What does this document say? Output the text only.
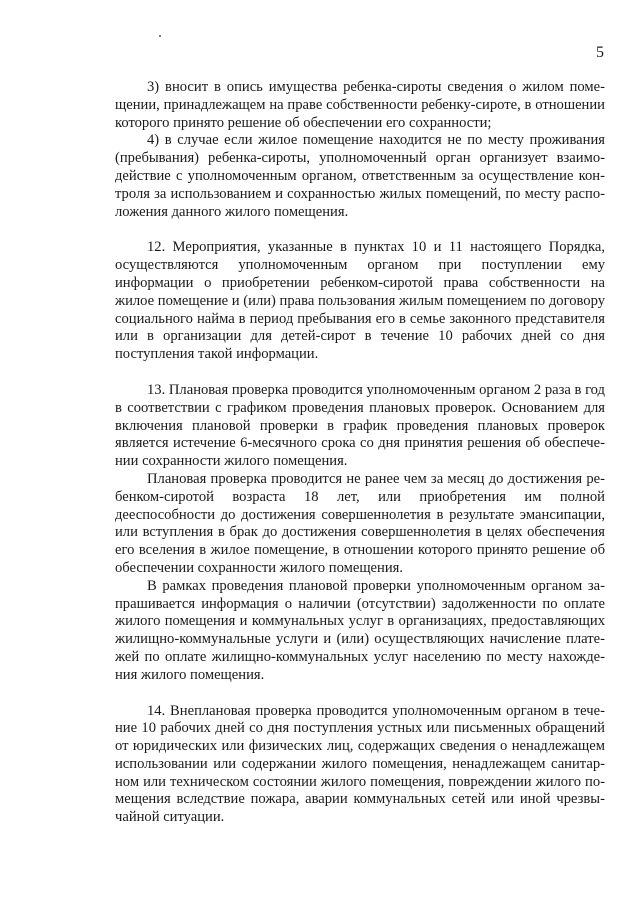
5

3) вносит в опись имущества ребенка-сироты сведения о жилом помещении, принадлежащем на праве собственности ребенку-сироте, в отношении которого принято решение об обеспечении его сохранности;

4) в случае если жилое помещение находится не по месту проживания (пребывания) ребенка-сироты, уполномоченный орган организует взаимодействие с уполномоченным органом, ответственным за осуществление контроля за использованием и сохранностью жилых помещений, по месту расположения данного жилого помещения.

12. Мероприятия, указанные в пунктах 10 и 11 настоящего Порядка, осуществляются уполномоченным органом при поступлении ему информации о приобретении ребенком-сиротой права собственности на жилое помещение и (или) права пользования жилым помещением по договору социального найма в период пребывания его в семье законного представителя или в организации для детей-сирот в течение 10 рабочих дней со дня поступления такой информации.

13. Плановая проверка проводится уполномоченным органом 2 раза в год в соответствии с графиком проведения плановых проверок. Основанием для включения плановой проверки в график проведения плановых проверок является истечение 6-месячного срока со дня принятия решения об обеспечении сохранности жилого помещения.

Плановая проверка проводится не ранее чем за месяц до достижения ребенком-сиротой возраста 18 лет, или приобретения им полной дееспособности до достижения совершеннолетия в результате эмансипации, или вступления в брак до достижения совершеннолетия в целях обеспечения его вселения в жилое помещение, в отношении которого принято решение об обеспечении сохранности жилого помещения.

В рамках проведения плановой проверки уполномоченным органом запрашивается информация о наличии (отсутствии) задолженности по оплате жилого помещения и коммунальных услуг в организациях, предоставляющих жилищно-коммунальные услуги и (или) осуществляющих начисление платежей по оплате жилищно-коммунальных услуг населению по месту нахождения жилого помещения.

14. Внеплановая проверка проводится уполномоченным органом в течение 10 рабочих дней со дня поступления устных или письменных обращений от юридических или физических лиц, содержащих сведения о ненадлежащем использовании или содержании жилого помещения, ненадлежащем санитарном или техническом состоянии жилого помещения, повреждении жилого помещения вследствие пожара, аварии коммунальных сетей или иной чрезвычайной ситуации.
